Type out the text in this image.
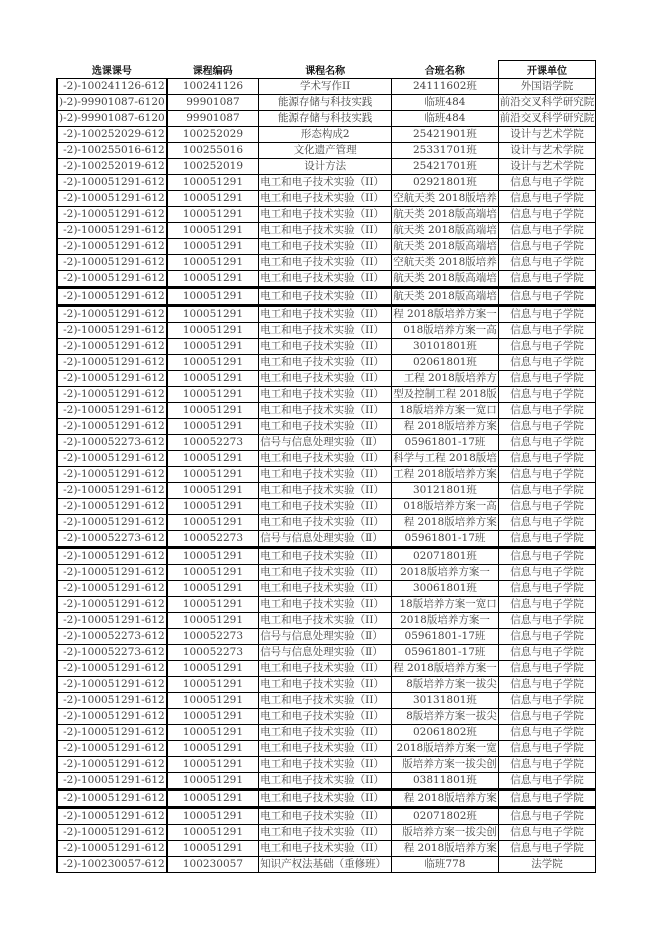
选课课号	课程编码	课程名称	合班名称	开课单位
-2)-100241126-612	100241126	学术写作II	24111602班	外国语学院
)-2)-99901087-6120	99901087	能源存储与科技实践	临班484	前沿交叉科学研究院
)-2)-99901087-6120	99901087	能源存储与科技实践	临班484	前沿交叉科学研究院
-2)-100252029-612	100252029	形态构成2	25421901班	设计与艺术学院
-2)-100255016-612	100255016	文化遗产管理	25331701班	设计与艺术学院
-2)-100252019-612	100252019	设计方法	25421701班	设计与艺术学院
-2)-100051291-612	100051291	电工和电子技术实验（II）	02921801班	信息与电子学院
-2)-100051291-612	100051291	电工和电子技术实验（II）	空航天类 2018版培养	信息与电子学院
-2)-100051291-612	100051291	电工和电子技术实验（II）	航天类 2018版高端培	信息与电子学院
-2)-100051291-612	100051291	电工和电子技术实验（II）	航天类 2018版高端培	信息与电子学院
-2)-100051291-612	100051291	电工和电子技术实验（II）	航天类 2018版高端培	信息与电子学院
-2)-100051291-612	100051291	电工和电子技术实验（II）	空航天类 2018版培养	信息与电子学院
-2)-100051291-612	100051291	电工和电子技术实验（II）	航天类 2018版高端培	信息与电子学院
-2)-100051291-612	100051291	电工和电子技术实验（II）	航天类 2018版高端培	信息与电子学院
-2)-100051291-612	100051291	电工和电子技术实验（II）	程 2018版培养方案一	信息与电子学院
-2)-100051291-612	100051291	电工和电子技术实验（II）	018版培养方案一高	信息与电子学院
-2)-100051291-612	100051291	电工和电子技术实验（II）	30101801班	信息与电子学院
-2)-100051291-612	100051291	电工和电子技术实验（II）	02061801班	信息与电子学院
-2)-100051291-612	100051291	电工和电子技术实验（II）	工程 2018版培养方	信息与电子学院
-2)-100051291-612	100051291	电工和电子技术实验（II）	型及控制工程 2018版	信息与电子学院
-2)-100051291-612	100051291	电工和电子技术实验（II）	18版培养方案一宽口	信息与电子学院
-2)-100051291-612	100051291	电工和电子技术实验（II）	程 2018版培养方案	信息与电子学院
-2)-100052273-612	100052273	信号与信息处理实验（Ⅱ）	05961801-17班	信息与电子学院
-2)-100051291-612	100051291	电工和电子技术实验（II）	科学与工程 2018版培	信息与电子学院
-2)-100051291-612	100051291	电工和电子技术实验（II）	工程 2018版培养方案	信息与电子学院
-2)-100051291-612	100051291	电工和电子技术实验（II）	30121801班	信息与电子学院
-2)-100051291-612	100051291	电工和电子技术实验（II）	018版培养方案一高	信息与电子学院
-2)-100051291-612	100051291	电工和电子技术实验（II）	程 2018版培养方案	信息与电子学院
-2)-100052273-612	100052273	信号与信息处理实验（Ⅱ）	05961801-17班	信息与电子学院
-2)-100051291-612	100051291	电工和电子技术实验（II）	02071801班	信息与电子学院
-2)-100051291-612	100051291	电工和电子技术实验（II）	2018版培养方案一	信息与电子学院
-2)-100051291-612	100051291	电工和电子技术实验（II）	30061801班	信息与电子学院
-2)-100051291-612	100051291	电工和电子技术实验（II）	18版培养方案一宽口	信息与电子学院
-2)-100051291-612	100051291	电工和电子技术实验（II）	2018版培养方案一	信息与电子学院
-2)-100052273-612	100052273	信号与信息处理实验（Ⅱ）	05961801-17班	信息与电子学院
-2)-100052273-612	100052273	信号与信息处理实验（Ⅱ）	05961801-17班	信息与电子学院
-2)-100051291-612	100051291	电工和电子技术实验（II）	程 2018版培养方案一	信息与电子学院
-2)-100051291-612	100051291	电工和电子技术实验（II）	8版培养方案一拔尖	信息与电子学院
-2)-100051291-612	100051291	电工和电子技术实验（II）	30131801班	信息与电子学院
-2)-100051291-612	100051291	电工和电子技术实验（II）	8版培养方案一拔尖	信息与电子学院
-2)-100051291-612	100051291	电工和电子技术实验（II）	02061802班	信息与电子学院
-2)-100051291-612	100051291	电工和电子技术实验（II）	2018版培养方案一宽	信息与电子学院
-2)-100051291-612	100051291	电工和电子技术实验（II）	版培养方案一拔尖创	信息与电子学院
-2)-100051291-612	100051291	电工和电子技术实验（II）	03811801班	信息与电子学院
-2)-100051291-612	100051291	电工和电子技术实验（II）	程 2018版培养方案	信息与电子学院
-2)-100051291-612	100051291	电工和电子技术实验（II）	02071802班	信息与电子学院
-2)-100051291-612	100051291	电工和电子技术实验（II）	版培养方案一拔尖创	信息与电子学院
-2)-100051291-612	100051291	电工和电子技术实验（II）	程 2018版培养方案	信息与电子学院
-2)-100230057-612	100230057	知识产权法基础（重修班）	临班778	法学院
